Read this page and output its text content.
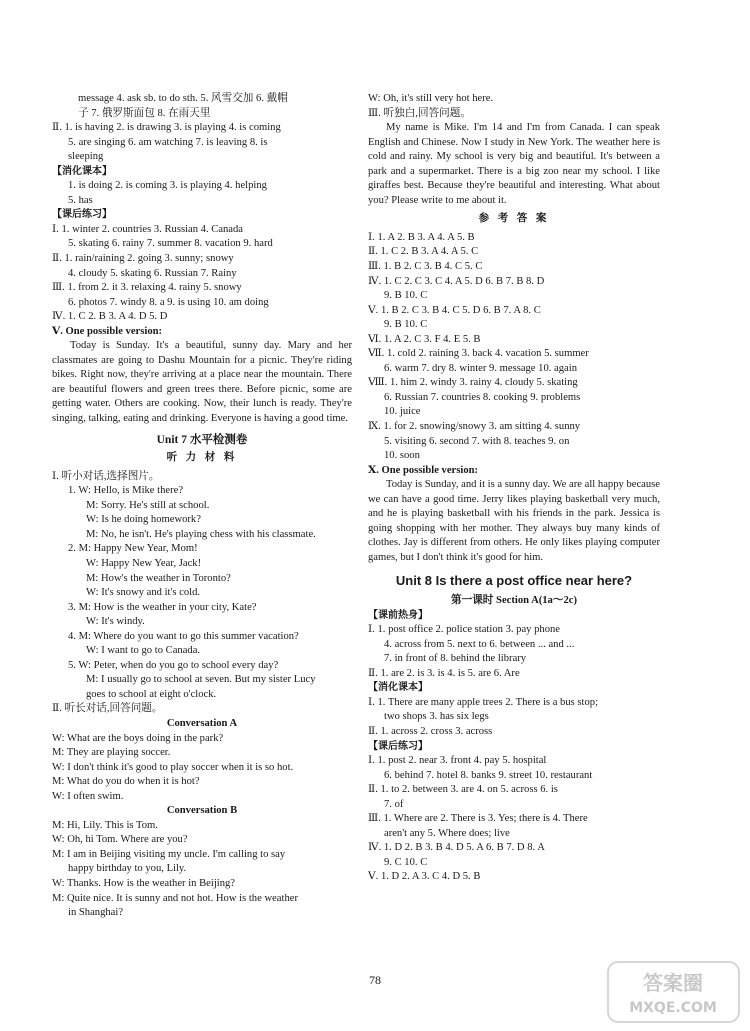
message 4. ask sb. to do sth. 5. 风雪交加 6. 戴帽
子 7. 俄罗斯面包 8. 在雨天里
Ⅱ. 1. is having 2. is drawing 3. is playing 4. is coming
5. are singing 6. am watching 7. is leaving 8. is
sleeping
【消化课本】
1. is doing 2. is coming 3. is playing 4. helping
5. has
【课后练习】
Ⅰ. 1. winter 2. countries 3. Russian 4. Canada
5. skating 6. rainy 7. summer 8. vacation 9. hard
Ⅱ. 1. rain/raining 2. going 3. sunny; snowy
4. cloudy 5. skating 6. Russian 7. Rainy
Ⅲ. 1. from 2. it 3. relaxing 4. rainy 5. snowy
6. photos 7. windy 8. a 9. is using 10. am doing
Ⅳ. 1. C 2. B 3. A 4. D 5. D
Ⅴ. One possible version:
Today is Sunday. It's a beautiful, sunny day. Mary and her classmates are going to Dashu Mountain for a picnic. They're riding bikes. Right now, they're arriving at a place near the mountain. There are beautiful flowers and green trees there. Before picnic, some are getting water. Others are cooking. Now, their lunch is ready. They're singing, talking, eating and drinking. Everyone is having a good time.
Unit 7 水平检测卷
听 力 材 料
Ⅰ. 听小对话,选择图片。
1. W: Hello, is Mike there?
M: Sorry. He's still at school.
W: Is he doing homework?
M: No, he isn't. He's playing chess with his classmate.
2. M: Happy New Year, Mom!
W: Happy New Year, Jack!
M: How's the weather in Toronto?
W: It's snowy and it's cold.
3. M: How is the weather in your city, Kate?
W: It's windy.
4. M: Where do you want to go this summer vacation?
W: I want to go to Canada.
5. W: Peter, when do you go to school every day?
M: I usually go to school at seven. But my sister Lucy
goes to school at eight o'clock.
Ⅱ. 听长对话,回答问题。
Conversation A
W: What are the boys doing in the park?
M: They are playing soccer.
W: I don't think it's good to play soccer when it is so hot.
M: What do you do when it is hot?
W: I often swim.
Conversation B
M: Hi, Lily. This is Tom.
W: Oh, hi Tom. Where are you?
M: I am in Beijing visiting my uncle. I'm calling to say
happy birthday to you, Lily.
W: Thanks. How is the weather in Beijing?
M: Quite nice. It is sunny and not hot. How is the weather
in Shanghai?
W: Oh, it's still very hot here.
Ⅲ. 听独白,回答问题。
My name is Mike. I'm 14 and I'm from Canada. I can speak English and Chinese. Now I study in New York. The weather here is cold and rainy. My school is very big and beautiful. It's between a park and a supermarket. There is a big zoo near my school. I like giraffes best. Because they're beautiful and interesting. What about you? Please write to me about it.
参 考 答 案
Ⅰ. 1. A 2. B 3. A 4. A 5. B
Ⅱ. 1. C 2. B 3. A 4. A 5. C
Ⅲ. 1. B 2. C 3. B 4. C 5. C
Ⅳ. 1. C 2. C 3. C 4. A 5. D 6. B 7. B 8. D
9. B 10. C
Ⅴ. 1. B 2. C 3. B 4. C 5. D 6. B 7. A 8. C
9. B 10. C
Ⅵ. 1. A 2. C 3. F 4. E 5. B
Ⅶ. 1. cold 2. raining 3. back 4. vacation 5. summer
6. warm 7. dry 8. winter 9. message 10. again
Ⅷ. 1. him 2. windy 3. rainy 4. cloudy 5. skating
6. Russian 7. countries 8. cooking 9. problems
10. juice
Ⅸ. 1. for 2. snowing/snowy 3. am sitting 4. sunny
5. visiting 6. second 7. with 8. teaches 9. on
10. soon
Ⅹ. One possible version:
Today is Sunday, and it is a sunny day. We are all happy because we can have a good time. Jerry likes playing basketball very much, and he is playing basketball with his friends in the park. Jessica is going shopping with her mother. They always buy many kinds of clothes. Jay is different from others. He only likes playing computer games, but I don't think it's good for him.
Unit 8 Is there a post office near here?
第一课时 Section A(1a～2c)
【课前热身】
Ⅰ. 1. post office 2. police station 3. pay phone
4. across from 5. next to 6. between ... and ...
7. in front of 8. behind the library
Ⅱ. 1. are 2. is 3. is 4. is 5. are 6. Are
【消化课本】
Ⅰ. 1. There are many apple trees 2. There is a bus stop;
two shops 3. has six legs
Ⅱ. 1. across 2. cross 3. across
【课后练习】
Ⅰ. 1. post 2. near 3. front 4. pay 5. hospital
6. behind 7. hotel 8. banks 9. street 10. restaurant
Ⅱ. 1. to 2. between 3. are 4. on 5. across 6. is
7. of
Ⅲ. 1. Where are 2. There is 3. Yes; there is 4. There
aren't any 5. Where does; live
Ⅳ. 1. D 2. B 3. B 4. D 5. A 6. B 7. D 8. A
9. C 10. C
Ⅴ. 1. D 2. A 3. C 4. D 5. B
78	答案圈
MXQE.COM
